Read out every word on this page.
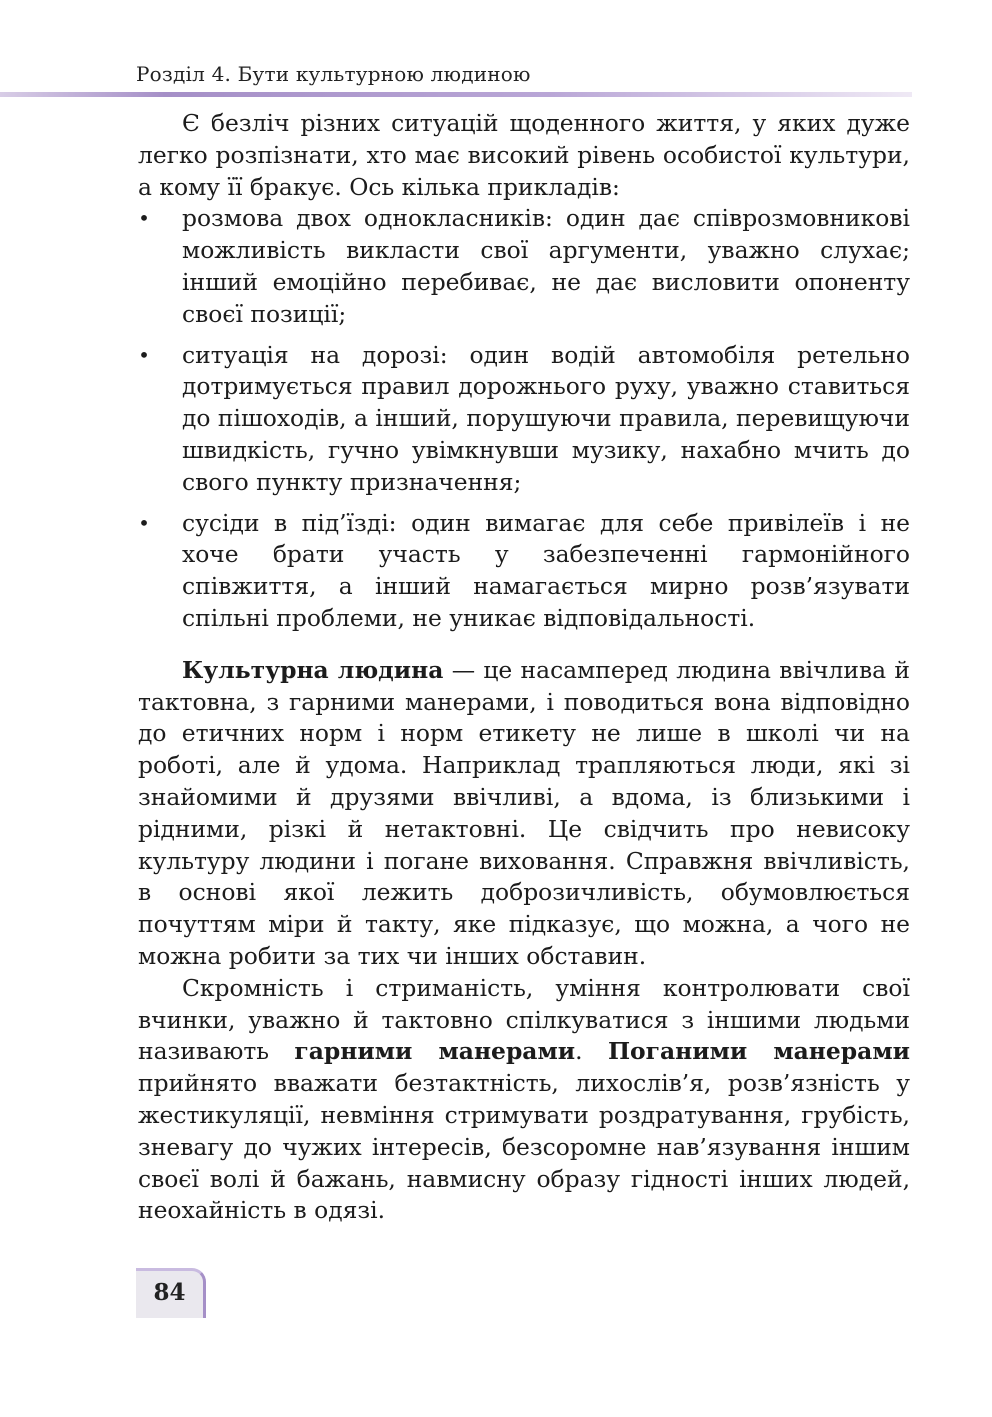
Розділ 4. Бути культурною людиною

Є безліч різних ситуацій щоденного життя, у яких дуже легко розпізнати, хто має високий рівень особистої культури, а кому її бракує. Ось кілька прикладів:

• розмова двох однокласників: один дає співрозмовникові можливість викласти свої аргументи, уважно слухає; інший емоційно перебиває, не дає висловити опоненту своєї позиції;
• ситуація на дорозі: один водій автомобіля ретельно дотримується правил дорожнього руху, уважно ставиться до пішоходів, а інший, порушуючи правила, перевищуючи швидкість, гучно увімкнувши музику, нахабно мчить до свого пункту призначення;
• сусіди в під’їзді: один вимагає для себе привілеїв і не хоче брати участь у забезпеченні гармонійного співжиття, а інший намагається мирно розв’язувати спільні проблеми, не уникає відповідальності.

Культурна людина — це насамперед людина ввічлива й тактовна, з гарними манерами, і поводиться вона відповідно до етичних норм і норм етикету не лише в школі чи на роботі, але й удома. Наприклад трапляються люди, які зі знайомими й друзями ввічливі, а вдома, із близькими і рідними, різкі й нетактовні. Це свідчить про невисоку культуру людини і погане виховання. Справжня ввічливість, в основі якої лежить доброзичливість, обумовлюється почуттям міри й такту, яке підказує, що можна, а чого не можна робити за тих чи інших обставин.

Скромність і стриманість, уміння контролювати свої вчинки, уважно й тактовно спілкуватися з іншими людьми називають гарними манерами. Поганими манерами прийнято вважати безтактність, лихослів’я, розв’язність у жестикуляції, невміння стримувати роздратування, грубість, зневагу до чужих інтересів, безсоромне нав’язування іншим своєї волі й бажань, навмисну образу гідності інших людей, неохайність в одязі.

84
